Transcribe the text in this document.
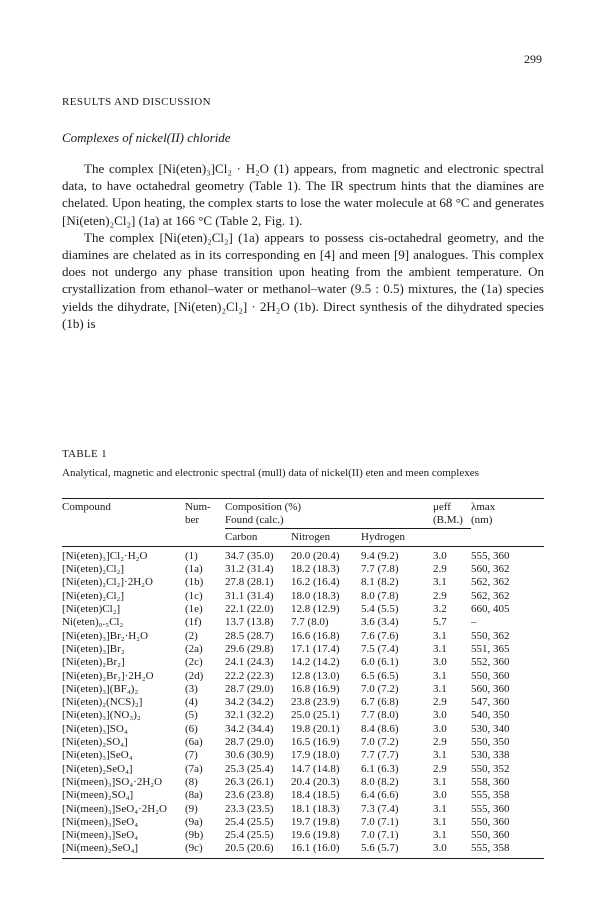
299
RESULTS AND DISCUSSION
Complexes of nickel(II) chloride

The complex [Ni(eten)₃]Cl₂ · H₂O (1) appears, from magnetic and electronic spectral data, to have octahedral geometry (Table 1). The IR spectrum hints that the diamines are chelated. Upon heating, the complex starts to lose the water molecule at 68 °C and generates [Ni(eten)₂Cl₂] (1a) at 166 °C (Table 2, Fig. 1).

The complex [Ni(eten)₂Cl₂] (1a) appears to possess cis-octahedral geometry, and the diamines are chelated as in its corresponding en [4] and meen [9] analogues. This complex does not undergo any phase transition upon heating from the ambient temperature. On crystallization from ethanol–water or methanol–water (9.5 : 0.5) mixtures, the (1a) species yields the dihydrate, [Ni(eten)₂Cl₂] · 2H₂O (1b). Direct synthesis of the dihydrated species (1b) is

TABLE 1
Analytical, magnetic and electronic spectral (mull) data of nickel(II) eten and meen complexes
Compound	Num-	Composition (%)			μeff	λmax
	ber	Found (calc.)			(B.M.)	(nm)
		Carbon	Nitrogen	Hydrogen		

[Ni(eten)₃]Cl₂·H₂O	(1)	34.7 (35.0)	20.0 (20.4)	9.4 (9.2)	3.0	555, 360
[Ni(eten)₂Cl₂]	(1a)	31.2 (31.4)	18.2 (18.3)	7.7 (7.8)	2.9	560, 362
[Ni(eten)₂Cl₂]·2H₂O	(1b)	27.8 (28.1)	16.2 (16.4)	8.1 (8.2)	3.1	562, 362
[Ni(eten)₂Cl₂]	(1c)	31.1 (31.4)	18.0 (18.3)	8.0 (7.8)	2.9	562, 362
[Ni(eten)Cl₂]	(1e)	22.1 (22.0)	12.8 (12.9)	5.4 (5.5)	3.2	660, 405
Ni(eten)₀.₅Cl₂	(1f)	13.7 (13.8)	7.7 (8.0)	3.6 (3.4)	5.7	–
[Ni(eten)₃]Br₂·H₂O	(2)	28.5 (28.7)	16.6 (16.8)	7.6 (7.6)	3.1	550, 362
[Ni(eten)₃]Br₂	(2a)	29.6 (29.8)	17.1 (17.4)	7.5 (7.4)	3.1	551, 365
[Ni(eten)₂Br₂]	(2c)	24.1 (24.3)	14.2 (14.2)	6.0 (6.1)	3.0	552, 360
[Ni(eten)₂Br₂]·2H₂O	(2d)	22.2 (22.3)	12.8 (13.0)	6.5 (6.5)	3.1	550, 360
[Ni(eten)₃](BF₄)₂	(3)	28.7 (29.0)	16.8 (16.9)	7.0 (7.2)	3.1	560, 360
[Ni(eten)₂(NCS)₂]	(4)	34.2 (34.2)	23.8 (23.9)	6.7 (6.8)	2.9	547, 360
[Ni(eten)₃](NO₃)₂	(5)	32.1 (32.2)	25.0 (25.1)	7.7 (8.0)	3.0	540, 350
[Ni(eten)₃]SO₄	(6)	34.2 (34.4)	19.8 (20.1)	8.4 (8.6)	3.0	530, 340
[Ni(eten)₂SO₄]	(6a)	28.7 (29.0)	16.5 (16.9)	7.0 (7.2)	2.9	550, 350
[Ni(eten)₃]SeO₄	(7)	30.6 (30.9)	17.9 (18.0)	7.7 (7.7)	3.1	530, 338
[Ni(eten)₂SeO₄]	(7a)	25.3 (25.4)	14.7 (14.8)	6.1 (6.3)	2.9	550, 352
[Ni(meen)₃]SO₄·2H₂O	(8)	26.3 (26.1)	20.4 (20.3)	8.0 (8.2)	3.1	558, 360
[Ni(meen)₂SO₄]	(8a)	23.6 (23.8)	18.4 (18.5)	6.4 (6.6)	3.0	555, 358
[Ni(meen)₃]SeO₄·2H₂O	(9)	23.3 (23.5)	18.1 (18.3)	7.3 (7.4)	3.1	555, 360
[Ni(meen)₃]SeO₄	(9a)	25.4 (25.5)	19.7 (19.8)	7.0 (7.1)	3.1	550, 360
[Ni(meen)₃]SeO₄	(9b)	25.4 (25.5)	19.6 (19.8)	7.0 (7.1)	3.1	550, 360
[Ni(meen)₂SeO₄]	(9c)	20.5 (20.6)	16.1 (16.0)	5.6 (5.7)	3.0	555, 358
